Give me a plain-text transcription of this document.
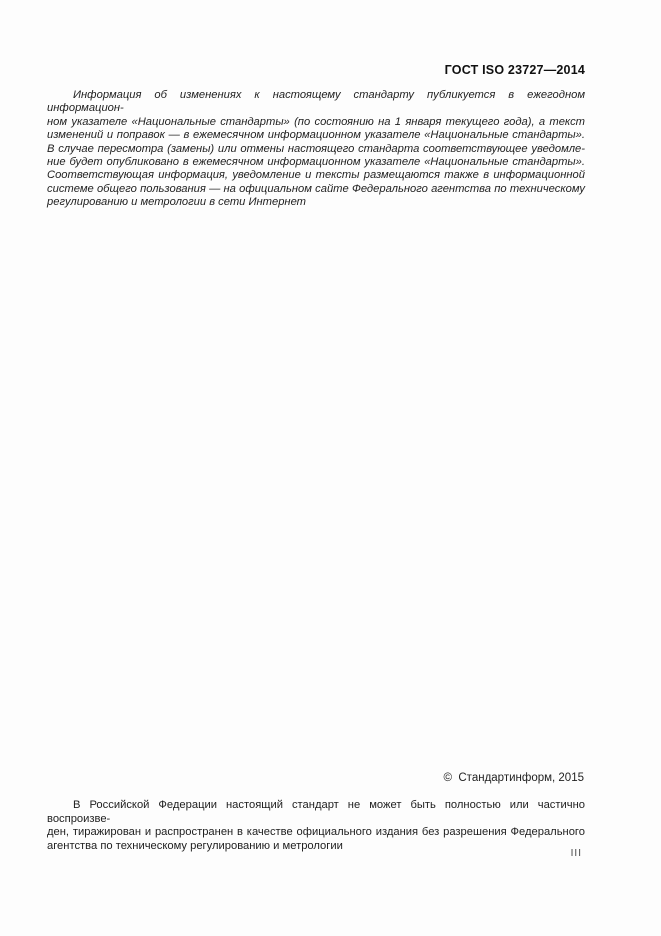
ГОСТ ISO 23727—2014
Информация об изменениях к настоящему стандарту публикуется в ежегодном информацион-
ном указателе «Национальные стандарты» (по состоянию на 1 января текущего года), а текст
изменений и поправок — в ежемесячном информационном указателе «Национальные стандарты».
В случае пересмотра (замены) или отмены настоящего стандарта соответствующее уведомле-
ние будет опубликовано в ежемесячном информационном указателе «Национальные стандарты».
Соответствующая информация, уведомление и тексты размещаются также в информационной
системе общего пользования — на официальном сайте Федерального агентства по техническому
регулированию и метрологии в сети Интернет
©  Стандартинформ, 2015
В Российской Федерации настоящий стандарт не может быть полностью или частично воспроизве-
ден, тиражирован и распространен в качестве официального издания без разрешения Федерального
агентства по техническому регулированию и метрологии
III
